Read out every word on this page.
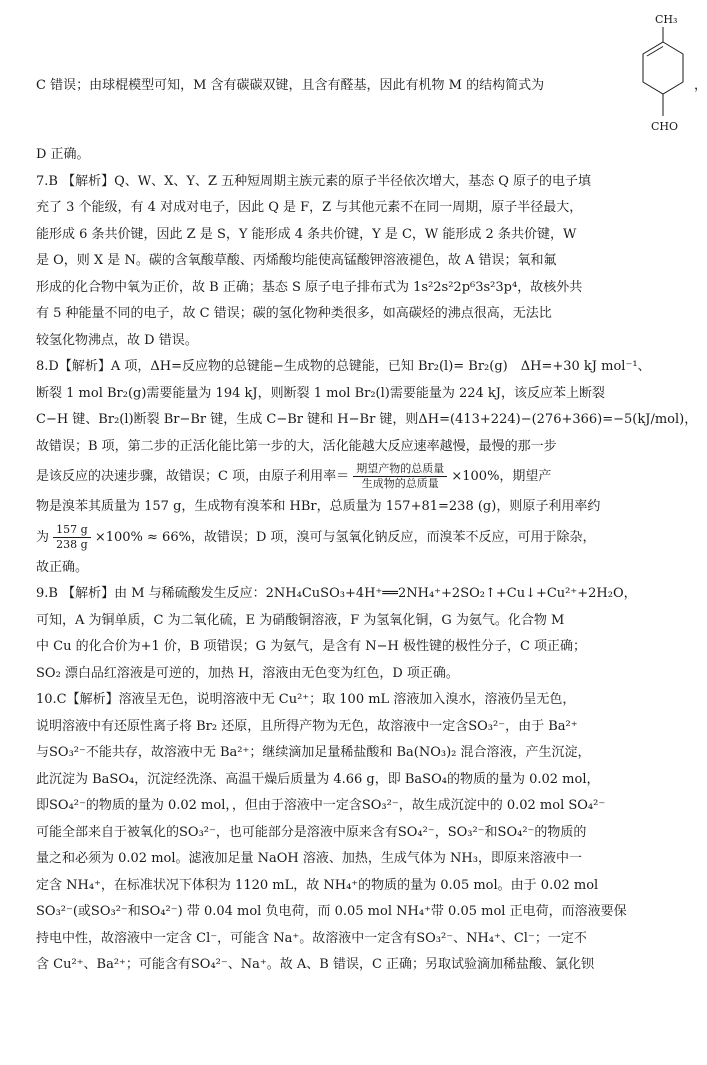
C 错误；由球棍模型可知，M 含有碳碳双键，且含有醛基，因此有机物 M 的结构简式为
CH₃
CHO
，

D 正确。

7.B 【解析】Q、W、X、Y、Z 五种短周期主族元素的原子半径依次增大，基态 Q 原子的电子填
充了 3 个能级，有 4 对成对电子，因此 Q 是 F，Z 与其他元素不在同一周期，原子半径最大，
能形成 6 条共价键，因此 Z 是 S，Y 能形成 4 条共价键，Y 是 C，W 能形成 2 条共价键，W
是 O，则 X 是 N。碳的含氧酸草酸、丙烯酸均能使高锰酸钾溶液褪色，故 A 错误；氧和氟
形成的化合物中氧为正价，故 B 正确；基态 S 原子电子排布式为 1s²2s²2p⁶3s²3p⁴，故核外共
有 5 种能量不同的电子，故 C 错误；碳的氢化物种类很多，如高碳烃的沸点很高，无法比
较氢化物沸点，故 D 错误。
8.D【解析】A 项，ΔH=反应物的总键能−生成物的总键能，已知 Br₂(l)= Br₂(g)　ΔH=+30 kJ mol⁻¹、
断裂 1 mol Br₂(g)需要能量为 194 kJ，则断裂 1 mol Br₂(l)需要能量为 224 kJ，该反应苯上断裂
C−H 键、Br₂(l)断裂 Br−Br 键，生成 C−Br 键和 H−Br 键，则ΔH=(413+224)−(276+366)=−5(kJ/mol)，
故错误；B 项，第二步的正活化能比第一步的大，活化能越大反应速率越慢，最慢的那一步
是该反应的决速步骤，故错误；C 项，由原子利用率＝ $\frac{\text{期望产物的总质量}}{\text{生成物的总质量}} \times 100\%$，期望产
物是溴苯其质量为 157 g，生成物有溴苯和 HBr，总质量为 157+81=238 (g)，则原子利用率约
为 $\frac{157 g}{238 g} \times 100\% \approx 66\%$，故错误；D 项，溴可与氢氧化钠反应，而溴苯不反应，可用于除杂，
故正确。
9.B 【解析】由 M 与稀硫酸发生反应：2NH₄CuSO₃+4H⁺══2NH₄⁺+2SO₂↑+Cu↓+Cu²⁺+2H₂O，
可知，A 为铜单质，C 为二氧化硫，E 为硝酸铜溶液，F 为氢氧化铜，G 为氨气。化合物 M
中 Cu 的化合价为+1 价，B 项错误；G 为氨气，是含有 N−H 极性键的极性分子，C 项正确；
SO₂ 漂白品红溶液是可逆的，加热 H，溶液由无色变为红色，D 项正确。
10.C【解析】溶液呈无色，说明溶液中无 Cu²⁺；取 100 mL 溶液加入溴水，溶液仍呈无色，
说明溶液中有还原性离子将 Br₂ 还原，且所得产物为无色，故溶液中一定含SO₃²⁻，由于 Ba²⁺
与SO₃²⁻不能共存，故溶液中无 Ba²⁺；继续滴加足量稀盐酸和 Ba(NO₃)₂ 混合溶液，产生沉淀，
此沉淀为 BaSO₄，沉淀经洗涤、高温干燥后质量为 4.66 g，即 BaSO₄的物质的量为 0.02 mol，
即SO₄²⁻的物质的量为 0.02 mol，，但由于溶液中一定含SO₃²⁻，故生成沉淀中的 0.02 mol SO₄²⁻
可能全部来自于被氧化的SO₃²⁻，也可能部分是溶液中原来含有SO₄²⁻，SO₃²⁻和SO₄²⁻的物质的
量之和必须为 0.02 mol。滤液加足量 NaOH 溶液、加热，生成气体为 NH₃，即原来溶液中一
定含 NH₄⁺，在标准状况下体积为 1120 mL，故 NH₄⁺的物质的量为 0.05 mol。由于 0.02 mol
SO₃²⁻(或SO₃²⁻和SO₄²⁻) 带 0.04 mol 负电荷，而 0.05 mol NH₄⁺带 0.05 mol 正电荷，而溶液要保
持电中性，故溶液中一定含 Cl⁻，可能含 Na⁺。故溶液中一定含有SO₃²⁻、NH₄⁺、Cl⁻；一定不
含 Cu²⁺、Ba²⁺；可能含有SO₄²⁻、Na⁺。故 A、B 错误，C 正确；另取试验滴加稀盐酸、氯化钡
